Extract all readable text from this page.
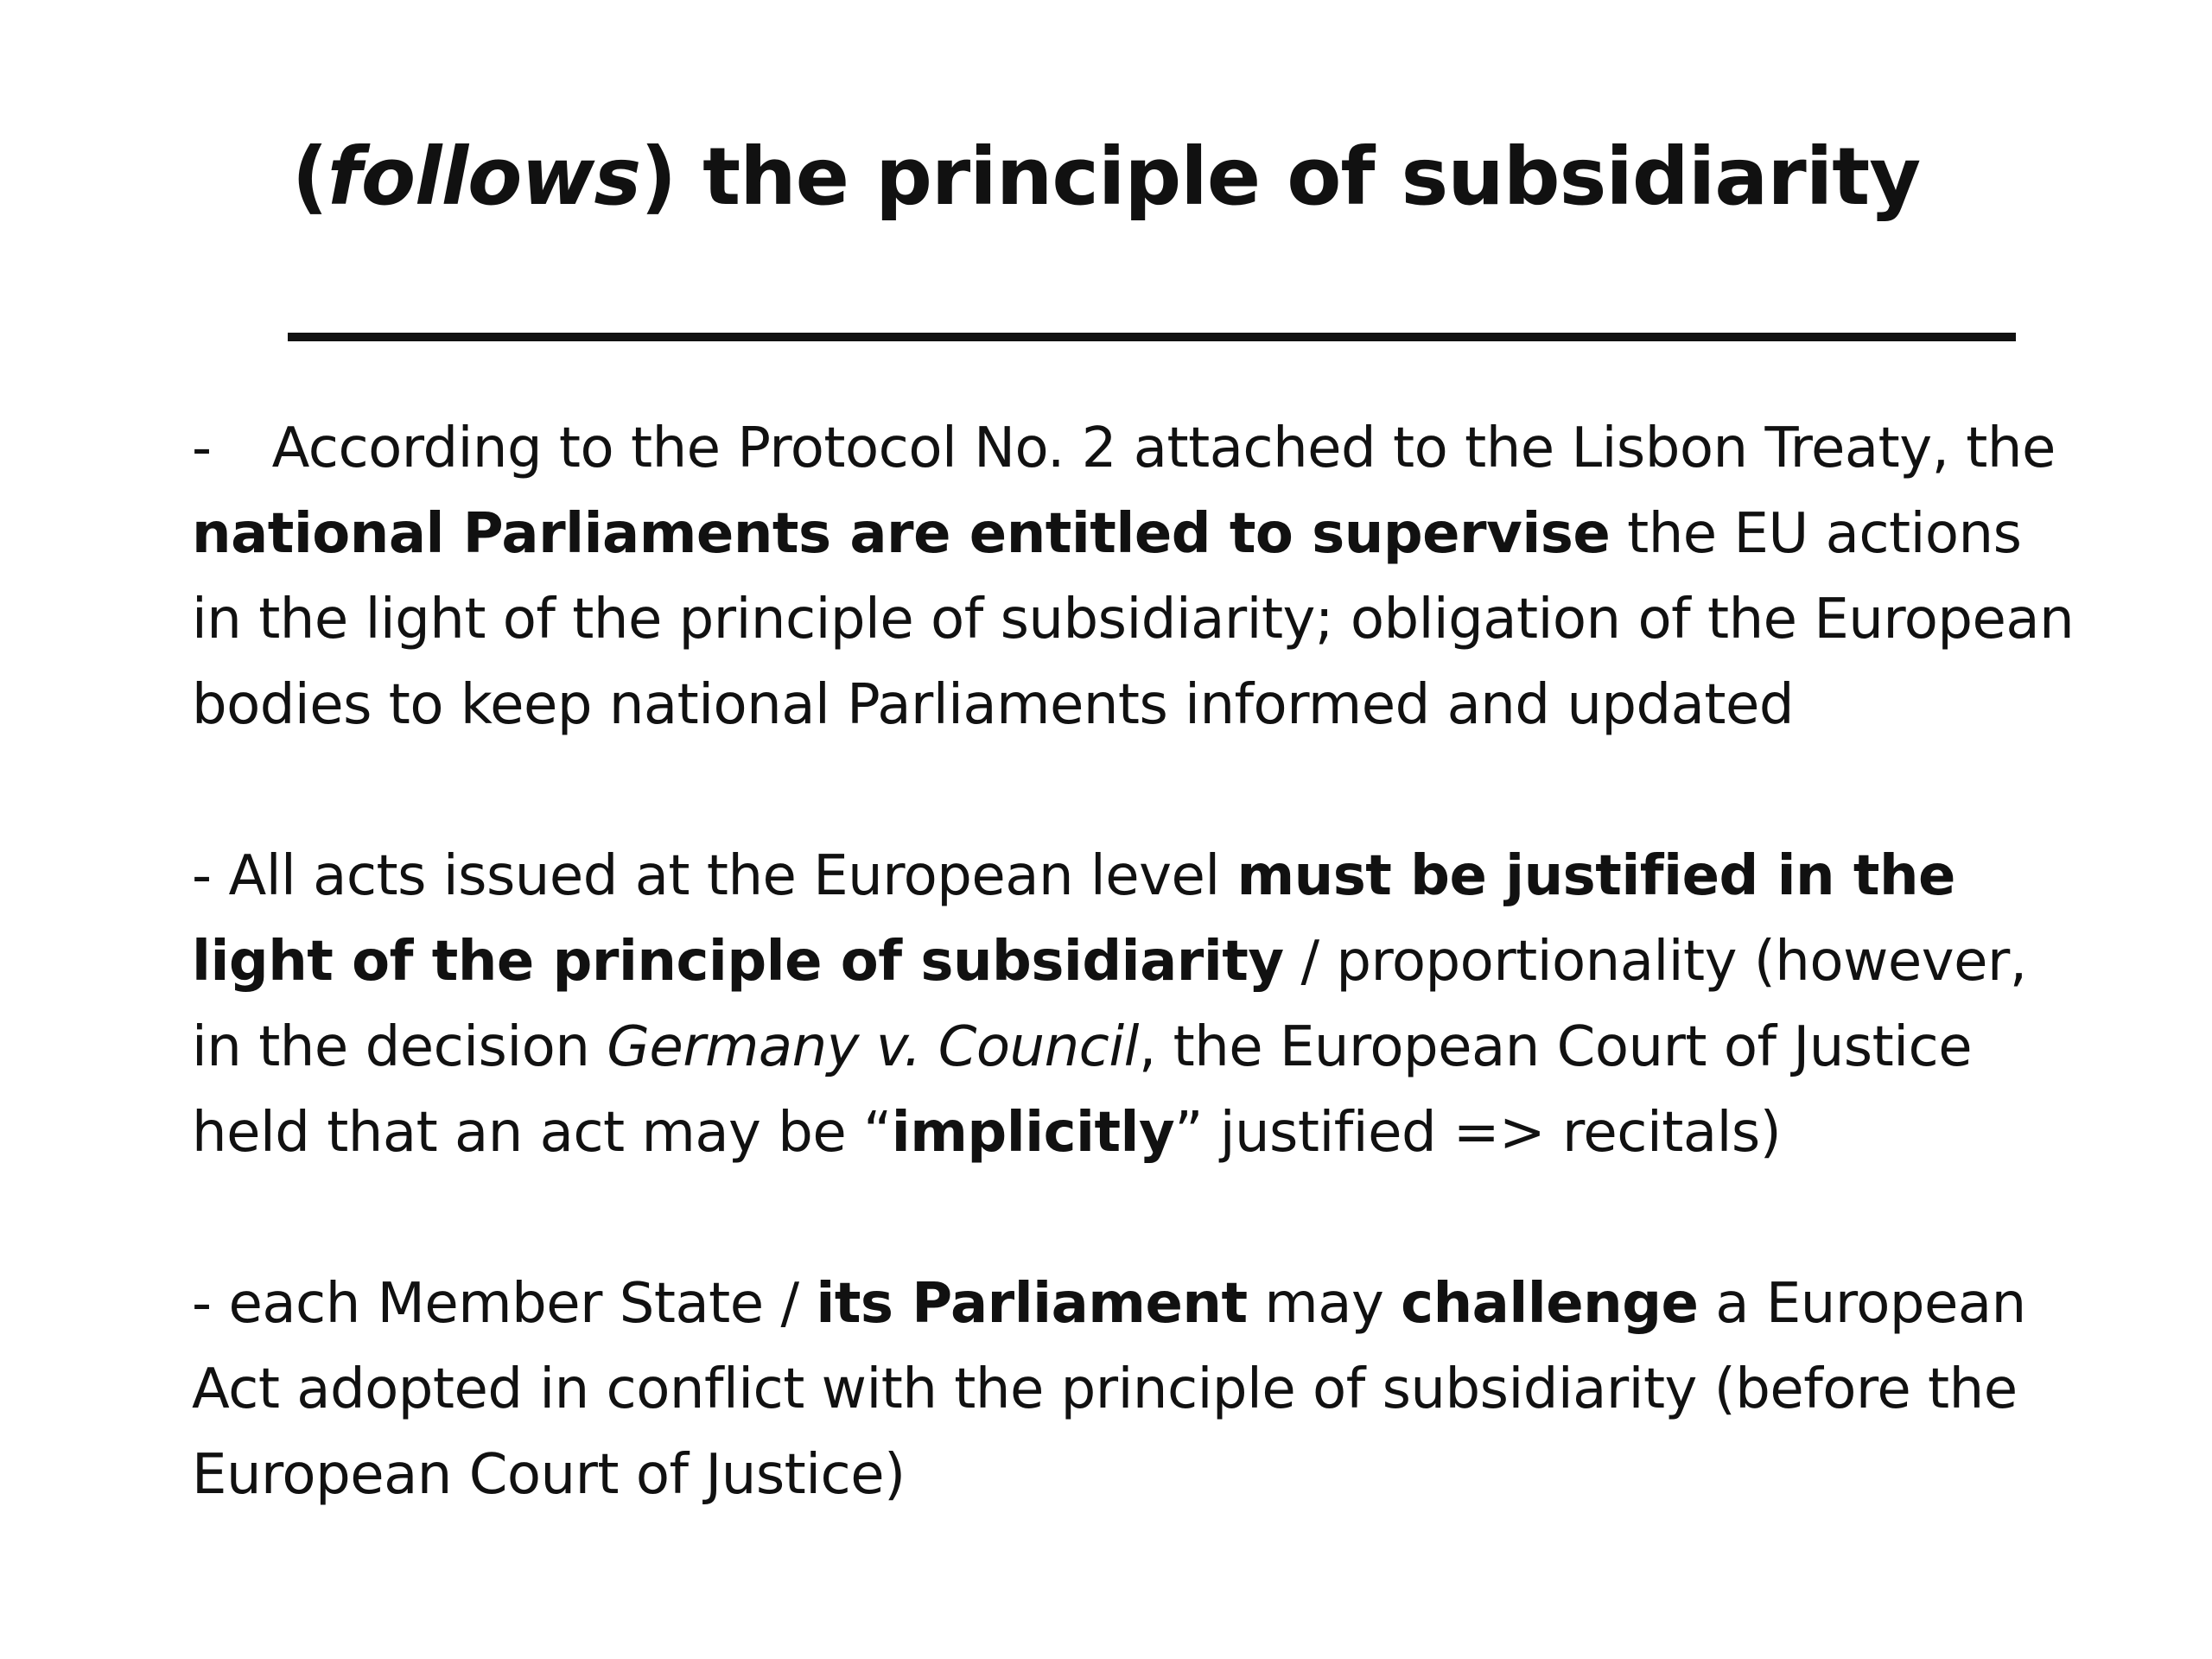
(follows) the principle of subsidiarity

- According to the Protocol No. 2 attached to the Lisbon Treaty, the national Parliaments are entitled to supervise the EU actions in the light of the principle of subsidiarity; obligation of the European bodies to keep national Parliaments informed and updated

- All acts issued at the European level must be justified in the light of the principle of subsidiarity / proportionality (however, in the decision Germany v. Council, the European Court of Justice held that an act may be “implicitly” justified => recitals)

- each Member State / its Parliament may challenge a European Act adopted in conflict with the principle of subsidiarity (before the European Court of Justice)
